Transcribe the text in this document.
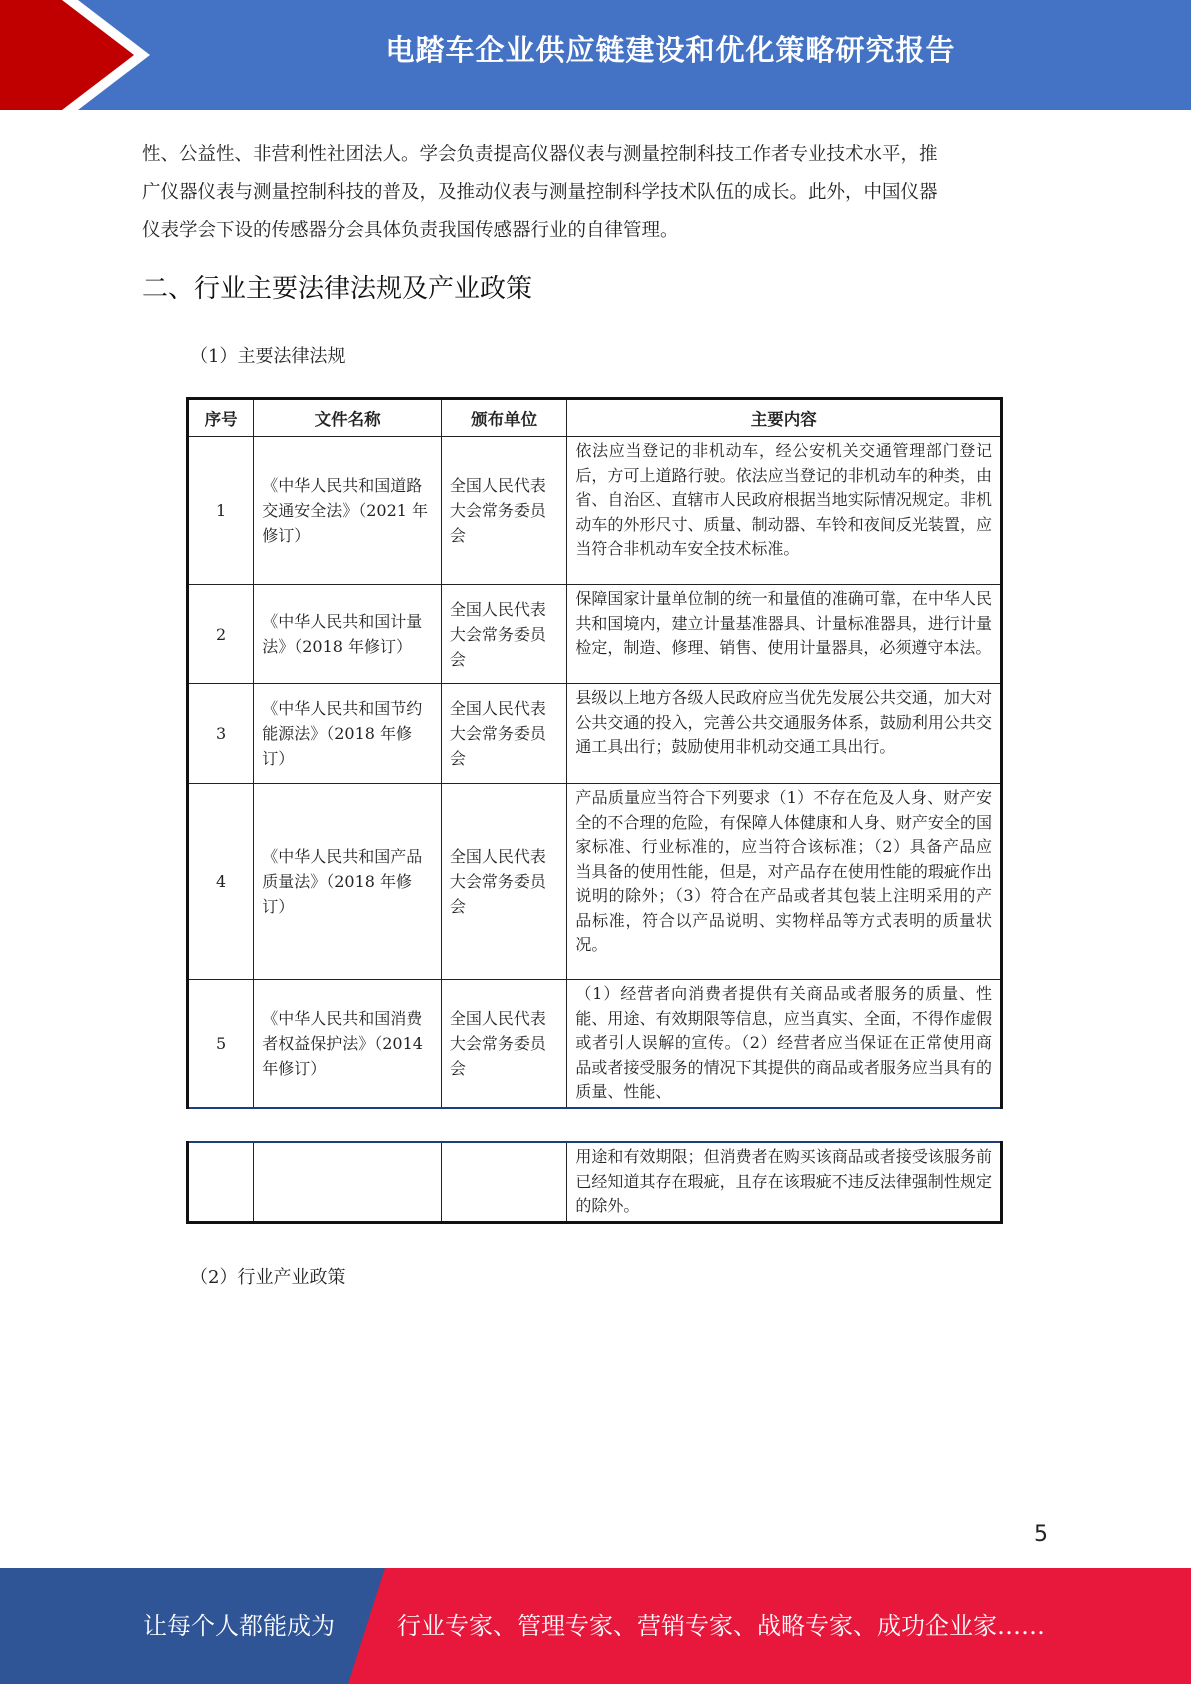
电踏车企业供应链建设和优化策略研究报告

性、公益性、非营利性社团法人。学会负责提高仪器仪表与测量控制科技工作者专业技术水平，推

广仪器仪表与测量控制科技的普及，及推动仪表与测量控制科学技术队伍的成长。此外，中国仪器

仪表学会下设的传感器分会具体负责我国传感器行业的自律管理。

二、行业主要法律法规及产业政策
（1）主要法律法规
序号	文件名称	颁布单位	主要内容
1	《中华人民共和国道路交通安全法》（2021 年修订）	全国人民代表大会常务委员会	依法应当登记的非机动车，经公安机关交通管理部门登记后，方可上道路行驶。依法应当登记的非机动车的种类，由省、自治区、直辖市人民政府根据当地实际情况规定。非机动车的外形尺寸、质量、制动器、车铃和夜间反光装置，应当符合非机动车安全技术标准。
2	《中华人民共和国计量法》（2018 年修订）	全国人民代表大会常务委员会	保障国家计量单位制的统一和量值的准确可靠，在中华人民共和国境内，建立计量基准器具、计量标准器具，进行计量检定，制造、修理、销售、使用计量器具，必须遵守本法。
3	《中华人民共和国节约能源法》（2018 年修订）	全国人民代表大会常务委员会	县级以上地方各级人民政府应当优先发展公共交通，加大对公共交通的投入，完善公共交通服务体系，鼓励利用公共交通工具出行；鼓励使用非机动交通工具出行。
4	《中华人民共和国产品质量法》（2018 年修订）	全国人民代表大会常务委员会	产品质量应当符合下列要求（1）不存在危及人身、财产安全的不合理的危险，有保障人体健康和人身、财产安全的国家标准、行业标准的，应当符合该标准；（2）具备产品应当具备的使用性能，但是，对产品存在使用性能的瑕疵作出说明的除外；（3）符合在产品或者其包装上注明采用的产品标准，符合以产品说明、实物样品等方式表明的质量状况。
5	《中华人民共和国消费者权益保护法》（2014 年修订）	全国人民代表大会常务委员会	（1）经营者向消费者提供有关商品或者服务的质量、性能、用途、有效期限等信息，应当真实、全面，不得作虚假或者引人误解的宣传。（2）经营者应当保证在正常使用商品或者接受服务的情况下其提供的商品或者服务应当具有的质量、性能、
			用途和有效期限；但消费者在购买该商品或者接受该服务前已经知道其存在瑕疵，且存在该瑕疵不违反法律强制性规定的除外。
（2）行业产业政策
5
让每个人都能成为	行业专家、管理专家、营销专家、战略专家、成功企业家……
